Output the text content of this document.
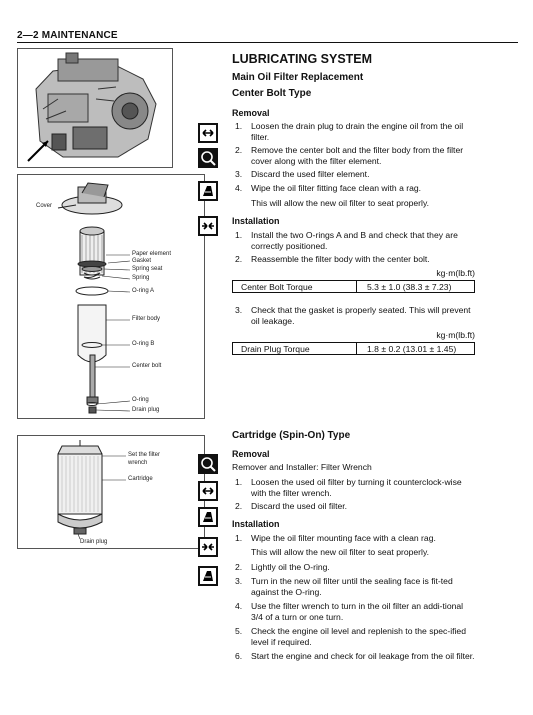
2—2 MAINTENANCE
Cover
Paper element
Gasket
Spring seat
Spring
O-ring A
Filter body
O-ring B
Center bolt
O-ring
Drain plug
Set the filter
wrench
Cartridge
Drain plug
LUBRICATING SYSTEM
Main Oil Filter Replacement
Center Bolt Type
Removal
1. Loosen the drain plug to drain the engine oil from the oil filter.
2. Remove the center bolt and the filter body from the filter cover along with the filter element.
3. Discard the used filter element.
4. Wipe the oil filter fitting face clean with a rag.
This will allow the new oil filter to seat properly.
Installation
1. Install the two O-rings A and B and check that they are correctly positioned.
2. Reassemble the filter body with the center bolt.
kg·m(lb.ft)
Center Bolt Torque	5.3 ± 1.0 (38.3 ± 7.23)
3. Check that the gasket is properly seated. This will prevent oil leakage.
kg·m(lb.ft)
Drain Plug Torque	1.8 ± 0.2 (13.01 ± 1.45)
Cartridge (Spin-On) Type
Removal
Remover and Installer: Filter Wrench
1. Loosen the used oil filter by turning it counterclock-wise with the filter wrench.
2. Discard the used oil filter.
Installation
1. Wipe the oil filter mounting face with a clean rag.
This will allow the new oil filter to seat properly.
2. Lightly oil the O-ring.
3. Turn in the new oil filter until the sealing face is fit-ted against the O-ring.
4. Use the filter wrench to turn in the oil filter an addi-tional 3/4 of a turn or one turn.
5. Check the engine oil level and replenish to the spec-ified level if required.
6. Start the engine and check for oil leakage from the oil filter.
